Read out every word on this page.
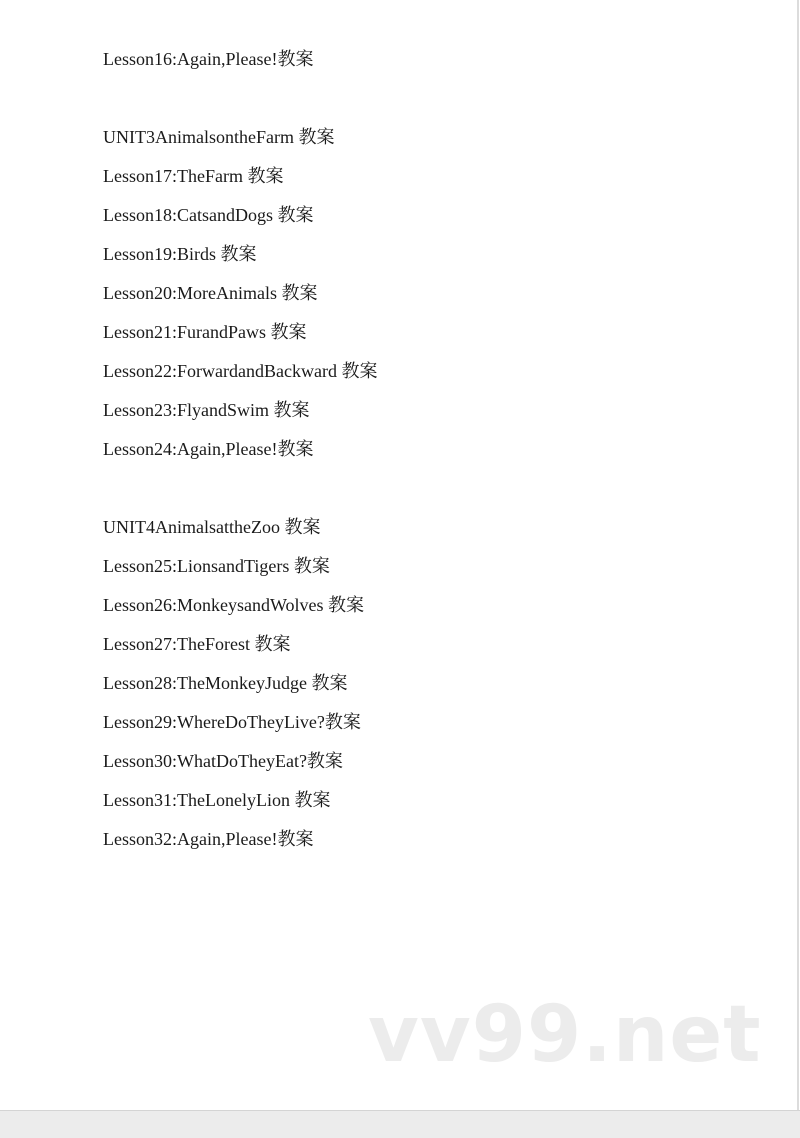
Lesson16:Again,Please!教案
UNIT3AnimalsontheFarm 教案
Lesson17:TheFarm 教案
Lesson18:CatsandDogs 教案
Lesson19:Birds 教案
Lesson20:MoreAnimals 教案
Lesson21:FurandPaws 教案
Lesson22:ForwardandBackward 教案
Lesson23:FlyandSwim 教案
Lesson24:Again,Please!教案
UNIT4AnimalsattheZoo 教案
Lesson25:LionsandTigers 教案
Lesson26:MonkeysandWolves 教案
Lesson27:TheForest 教案
Lesson28:TheMonkeyJudge 教案
Lesson29:WhereDoTheyLive?教案
Lesson30:WhatDoTheyEat?教案
Lesson31:TheLonelyLion 教案
Lesson32:Again,Please!教案
vv99.net
